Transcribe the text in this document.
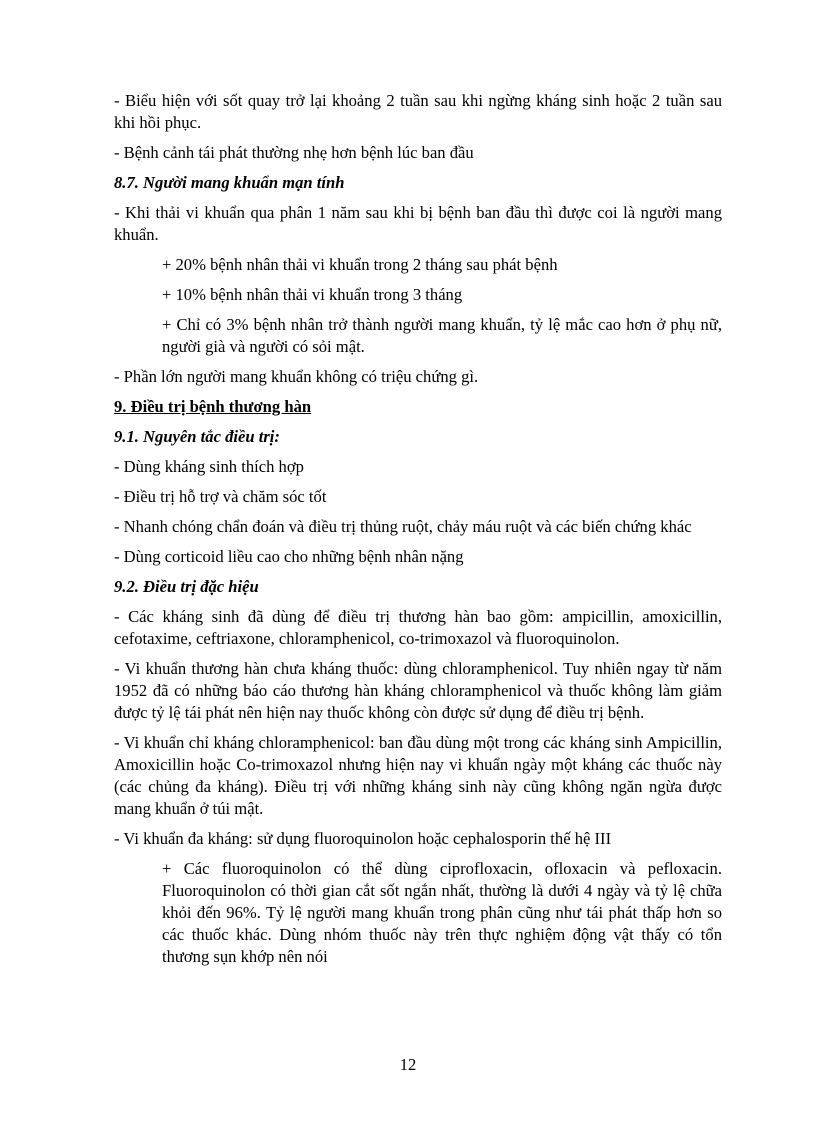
- Biểu hiện với sốt quay trở lại khoảng 2 tuần sau khi ngừng kháng sinh hoặc 2 tuần sau khi hồi phục.

- Bệnh cảnh tái phát thường nhẹ hơn bệnh lúc ban đầu

8.7. Người mang khuẩn mạn tính

- Khi thải vi khuẩn qua phân 1 năm sau khi bị bệnh ban đầu thì được coi là người mang khuẩn.

+ 20% bệnh nhân thải vi khuẩn trong 2 tháng sau phát bệnh

+ 10% bệnh nhân thải vi khuẩn trong 3 tháng

+ Chỉ có 3% bệnh nhân trở thành người mang khuẩn, tỷ lệ mắc cao hơn ở phụ nữ, người già và người có sỏi mật.

- Phần lớn người mang khuẩn không có triệu chứng gì.

9. Điều trị bệnh thương hàn

9.1. Nguyên tắc điều trị:

- Dùng kháng sinh thích hợp

- Điều trị hỗ trợ và chăm sóc tốt

- Nhanh chóng chẩn đoán và điều trị thủng ruột, chảy máu ruột và các biến chứng khác

- Dùng corticoid liều cao cho những bệnh nhân nặng

9.2. Điều trị đặc hiệu

- Các kháng sinh đã dùng để điều trị thương hàn bao gồm: ampicillin, amoxicillin, cefotaxime, ceftriaxone, chloramphenicol, co-trimoxazol và fluoroquinolon.

- Vi khuẩn thương hàn chưa kháng thuốc: dùng chloramphenicol. Tuy nhiên ngay từ năm 1952 đã có những báo cáo thương hàn kháng chloramphenicol và thuốc không làm giảm được tỷ lệ tái phát nên hiện nay thuốc không còn được sử dụng để điều trị bệnh.

- Vi khuẩn chỉ kháng chloramphenicol: ban đầu dùng một trong các kháng sinh Ampicillin, Amoxicillin hoặc Co-trimoxazol nhưng hiện nay vi khuẩn ngày một kháng các thuốc này (các chủng đa kháng). Điều trị với những kháng sinh này cũng không ngăn ngừa được mang khuẩn ở túi mật.

- Vi khuẩn đa kháng: sử dụng fluoroquinolon hoặc cephalosporin thế hệ III

+ Các fluoroquinolon có thể dùng ciprofloxacin, ofloxacin và pefloxacin. Fluoroquinolon có thời gian cắt sốt ngắn nhất, thường là dưới 4 ngày và tỷ lệ chữa khỏi đến 96%. Tỷ lệ người mang khuẩn trong phân cũng như tái phát thấp hơn so các thuốc khác. Dùng nhóm thuốc này trên thực nghiệm động vật thấy có tổn thương sụn khớp nên nói

12
